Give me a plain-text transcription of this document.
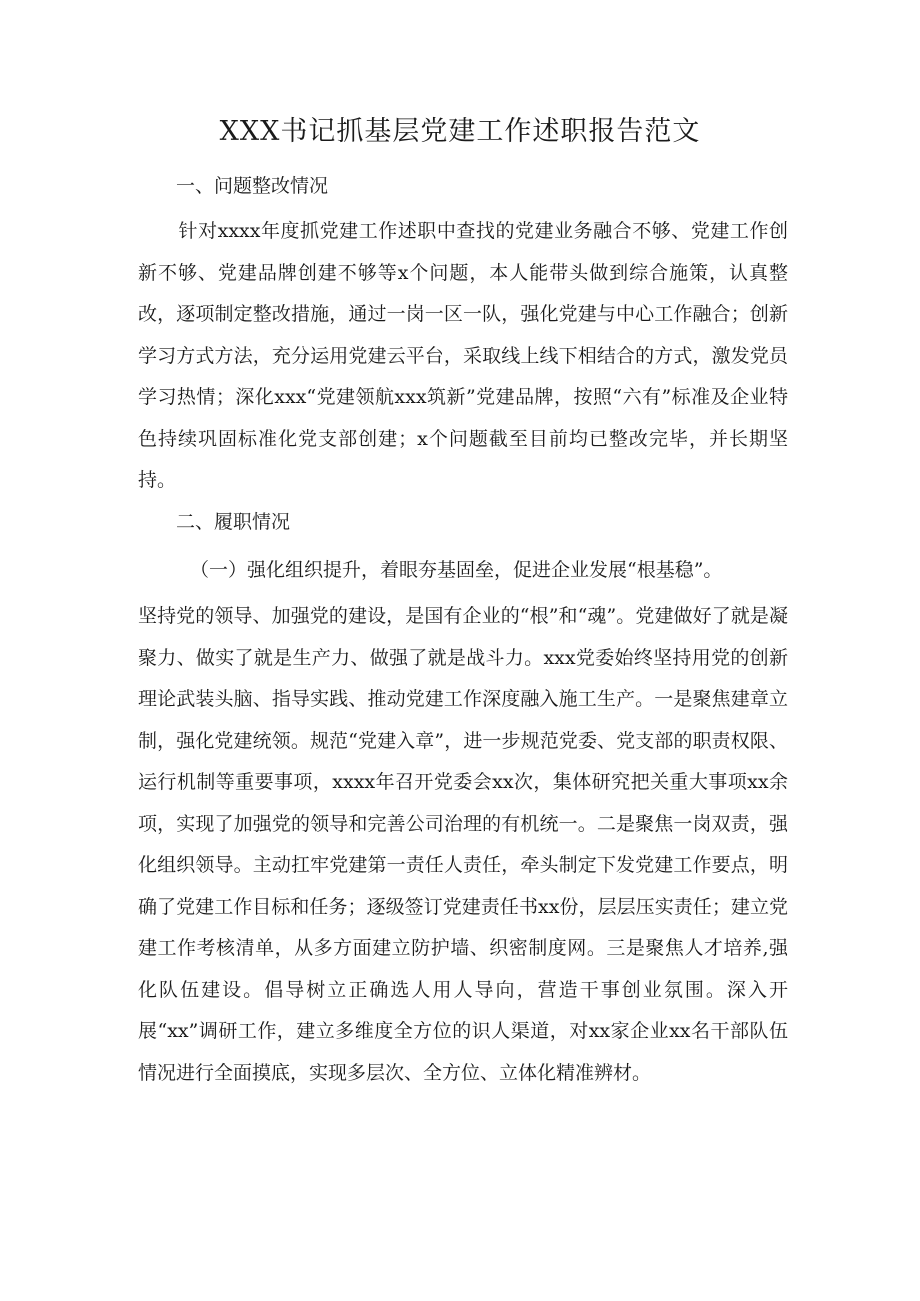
XXX书记抓基层党建工作述职报告范文
一、问题整改情况

针对xxxx年度抓党建工作述职中查找的党建业务融合不够、党建工作创新不够、党建品牌创建不够等x个问题，本人能带头做到综合施策，认真整改，逐项制定整改措施，通过一岗一区一队，强化党建与中心工作融合；创新学习方式方法，充分运用党建云平台，采取线上线下相结合的方式，激发党员学习热情；深化xxx“党建领航xxx筑新”党建品牌，按照“六有”标准及企业特色持续巩固标准化党支部创建；x个问题截至目前均已整改完毕，并长期坚持。

二、履职情况
（一）强化组织提升，着眼夯基固垒，促进企业发展“根基稳”。

坚持党的领导、加强党的建设，是国有企业的“根”和“魂”。党建做好了就是凝聚力、做实了就是生产力、做强了就是战斗力。xxx党委始终坚持用党的创新理论武装头脑、指导实践、推动党建工作深度融入施工生产。一是聚焦建章立制，强化党建统领。规范“党建入章”，进一步规范党委、党支部的职责权限、运行机制等重要事项，xxxx年召开党委会xx次，集体研究把关重大事项xx余项，实现了加强党的领导和完善公司治理的有机统一。二是聚焦一岗双责，强化组织领导。主动扛牢党建第一责任人责任，牵头制定下发党建工作要点，明确了党建工作目标和任务；逐级签订党建责任书xx份，层层压实责任；建立党建工作考核清单，从多方面建立防护墙、织密制度网。三是聚焦人才培养,强化队伍建设。倡导树立正确选人用人导向，营造干事创业氛围。深入开展“xx”调研工作，建立多维度全方位的识人渠道，对xx家企业xx名干部队伍情况进行全面摸底，实现多层次、全方位、立体化精准辨材。
